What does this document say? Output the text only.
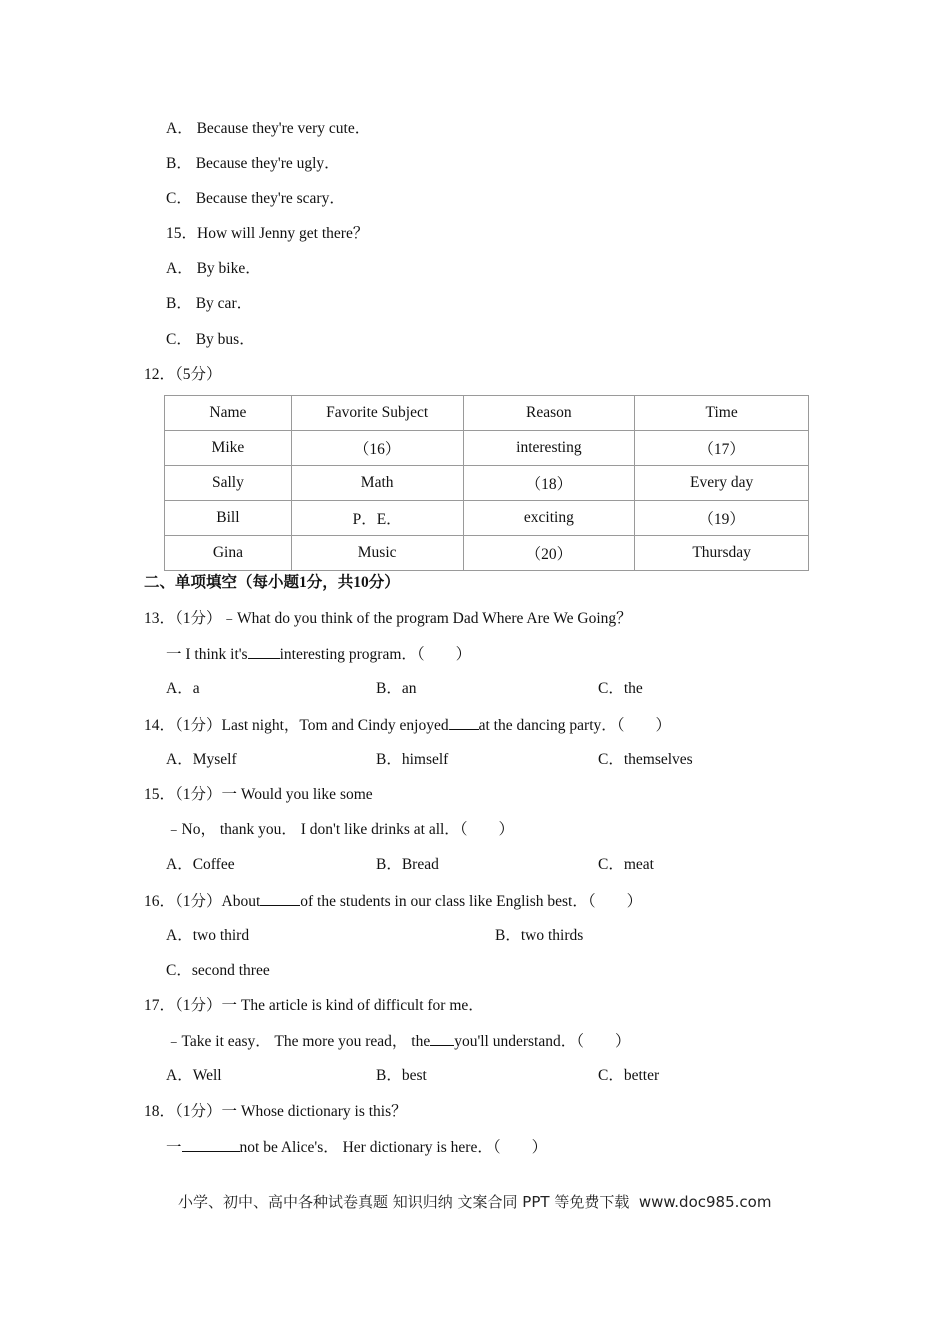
A． Because they're very cute．
B． Because they're ugly．
C． Because they're scary．
15．How will Jenny get there？
A． By bike．
B． By car．
C． By bus．
12．（5分）
Name	Favorite Subject	Reason	Time
Mike	（16）	interesting	（17）
Sally	Math	（18）	Every day
Bill	P．E．	exciting	（19）
Gina	Music	（20）	Thursday
二、单项填空（每小题1分，共10分）
13．（1分）﹣What do you think of the program Dad Where Are We Going？
一 I think it's interesting program．（　　）
A．a	B．an	C．the
14．（1分）Last night，Tom and Cindy enjoyed at the dancing party．（　　）
A．Myself	B．himself	C．themselves
15．（1分）一 Would you like some
﹣No， thank you． I don't like drinks at all．（　　）
A．Coffee	B．Bread	C．meat
16．（1分）About	of the students in our class like English best．（　　）
A．two third	B．two thirds
C．second three
17．（1分）一 The article is kind of difficult for me．
﹣Take it easy． The more you read， the you'll understand．（　　）
A．Well	B．best	C．better
18．（1分）一 Whose dictionary is this？
一	not be Alice's． Her dictionary is here．（　　）
小学、初中、高中各种试卷真题 知识归纳 文案合同 PPT 等免费下载  www.doc985.com
